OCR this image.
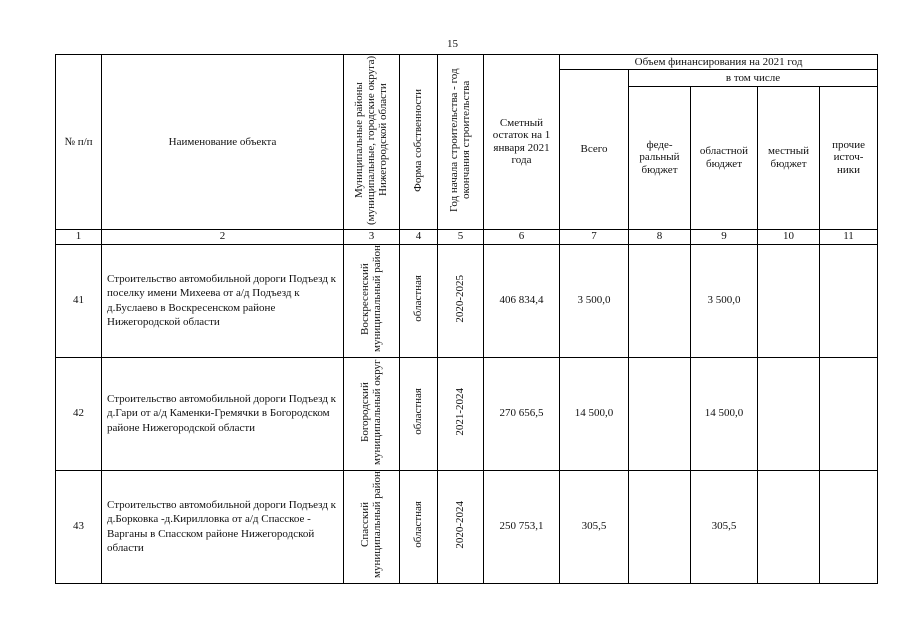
15
№ п/п	Наименование объекта	Муниципальные районы (муниципальные, городские округа) Нижегородской области	Форма собственности	Год начала строительства - год окончания строительства	Сметный остаток на 1 января 2021 года	Объем финансирования на 2021 год				
						Всего	в том числе			
							феде-ральный бюджет	областной бюджет	местный бюджет	прочие источ-ники
1	2	3	4	5	6	7	8	9	10	11
41	Строительство автомобильной дороги Подъезд к поселку имени Михеева от а/д Подъезд к д.Буслаево в Воскресенском районе Нижегородской области	Воскресенский муниципальный район	областная	2020-2025	406 834,4	3 500,0		3 500,0		
42	Строительство автомобильной дороги Подъезд к д.Гари от а/д Каменки-Гремячки в Богородском районе Нижегородской области	Богородский муниципальный округ	областная	2021-2024	270 656,5	14 500,0		14 500,0		
43	Строительство автомобильной дороги Подъезд к д.Борковка -д.Кирилловка от а/д Спасское - Варганы в Спасском районе Нижегородской области	Спасский муниципальный район	областная	2020-2024	250 753,1	305,5		305,5		
